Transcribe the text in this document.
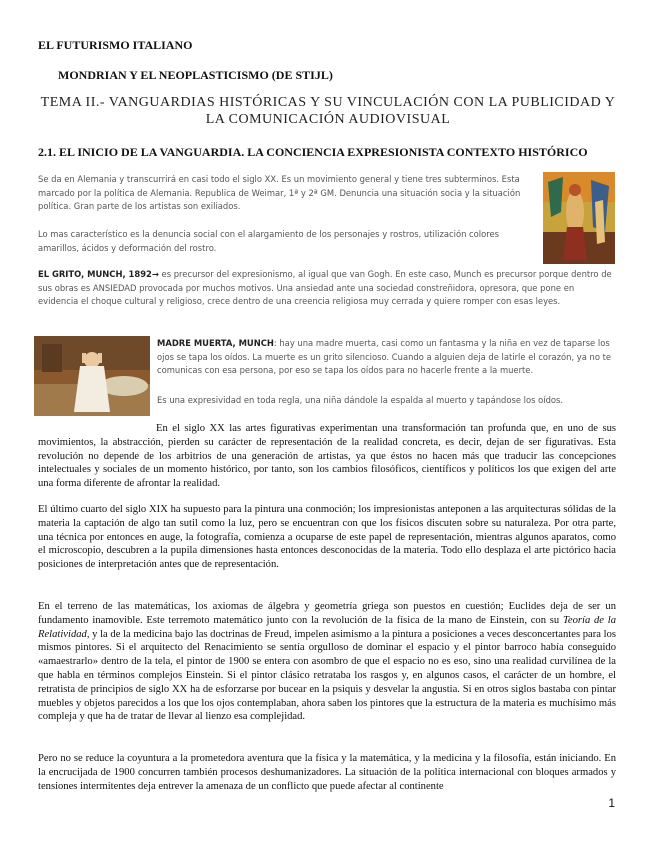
EL FUTURISMO ITALIANO
MONDRIAN Y EL NEOPLASTICISMO (DE STIJL)
TEMA II.- VANGUARDIAS HISTÓRICAS Y SU VINCULACIÓN CON LA PUBLICIDAD Y LA COMUNICACIÓN AUDIOVISUAL
2.1. EL INICIO DE LA VANGUARDIA. LA CONCIENCIA EXPRESIONISTA CONTEXTO HISTÓRICO
Se da en Alemania y transcurrirá en casi todo el siglo XX. Es un movimiento general y tiene tres subterminos. Esta marcado por la política de Alemania. Republica de Weimar, 1ª y 2ª GM. Denuncia una situación socia y la situación política. Gran parte de los artistas son exiliados.
Lo mas característico es la denuncia social con el alargamiento de los personajes y rostros, utilización colores amarillos, ácidos y deformación del rostro.
EL GRITO, MUNCH, 1892→ es precursor del expresionismo, al igual que van Gogh. En este caso, Munch es precursor porque dentro de sus obras es ANSIEDAD provocada por muchos motivos. Una ansiedad ante una sociedad constreñidora, opresora, que pone en evidencia el choque cultural y religioso, crece dentro de una creencia religiosa muy cerrada y quiere romper con esas leyes.
MADRE MUERTA, MUNCH: hay una madre muerta, casi como un fantasma y la niña en vez de taparse los ojos se tapa los oídos. La muerte es un grito silencioso. Cuando a alguien deja de latirle el corazón, ya no te comunicas con esa persona, por eso se tapa los oídos para no hacerle frente a la muerte.
Es una expresividad en toda regla, una niña dándole la espalda al muerto y tapándose los oídos.
En el siglo XX las artes figurativas experimentan una transformación tan profunda que, en uno de sus movimientos, la abstracción, pierden su carácter de representación de la realidad concreta, es decir, dejan de ser figurativas. Esta revolución no depende de los arbitrios de una generación de artistas, ya que éstos no hacen más que traducir las concepciones intelectuales y sociales de un momento histórico, por tanto, son los cambios filosóficos, científicos y políticos los que exigen del arte una forma diferente de afrontar la realidad.
El último cuarto del siglo XIX ha supuesto para la pintura una conmoción; los impresionistas anteponen a las arquitecturas sólidas de la materia la captación de algo tan sutil como la luz, pero se encuentran con que los físicos discuten sobre su naturaleza. Por otra parte, una técnica por entonces en auge, la fotografía, comienza a ocuparse de este papel de representación, mientras algunos aparatos, como el microscopio, descubren a la pupila dimensiones hasta entonces desconocidas de la materia. Todo ello desplaza el arte pictórico hacia posiciones de interpretación antes que de representación.
En el terreno de las matemáticas, los axiomas de álgebra y geometría griega son puestos en cuestión; Euclides deja de ser un fundamento inamovible. Este terremoto matemático junto con la revolución de la física de la mano de Einstein, con su Teoría de la Relatividad, y la de la medicina bajo las doctrinas de Freud, impelen asimismo a la pintura a posiciones a veces desconcertantes para los mismos pintores. Si el arquitecto del Renacimiento se sentía orgulloso de dominar el espacio y el pintor barroco había conseguido «amaestrarlo» dentro de la tela, el pintor de 1900 se entera con asombro de que el espacio no es eso, sino una realidad curvilínea de la que habla en términos complejos Einstein. Si el pintor clásico retrataba los rasgos y, en algunos casos, el carácter de un hombre, el retratista de principios de siglo XX ha de esforzarse por bucear en la psiquis y desvelar la angustia. Si en otros siglos bastaba con pintar muebles y objetos parecidos a los que los ojos contemplaban, ahora saben los pintores que la estructura de la materia es muchísimo más compleja y que ha de tratar de llevar al lienzo esa complejidad.
Pero no se reduce la coyuntura a la prometedora aventura que la física y la matemática, y la medicina y la filosofía, están iniciando. En la encrucijada de 1900 concurren también procesos deshumanizadores. La situación de la política internacional con bloques armados y tensiones intermitentes deja entrever la amenaza de un conflicto que puede afectar al continente
1
